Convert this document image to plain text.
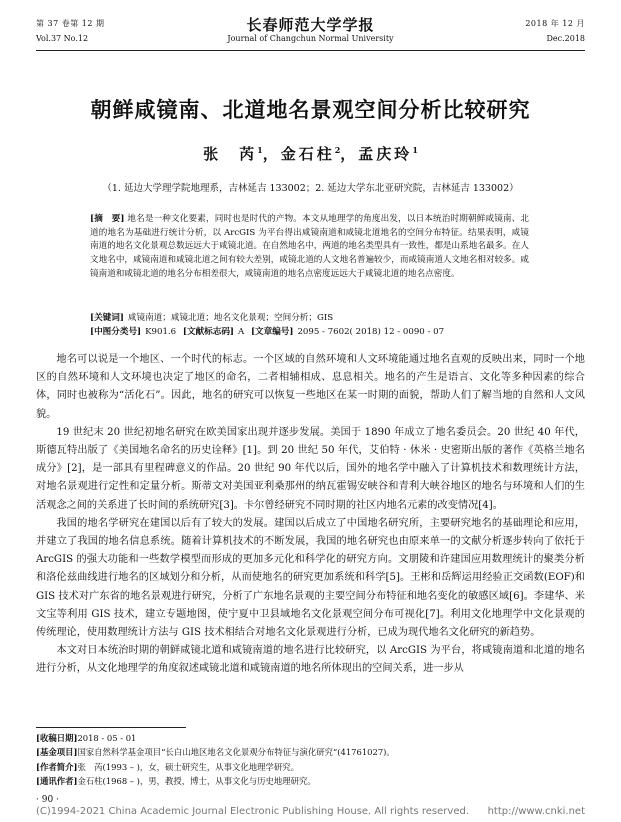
第 37 卷第 12 期
Vol.37 No.12
长春师范大学学报
Journal of Changchun Normal University
2018 年 12 月
Dec.2018
朝鲜咸镜南、北道地名景观空间分析比较研究
张　芮$^1$，金石柱$^2$，孟庆玲$^1$
（1. 延边大学理学院地理系，吉林延吉 133002；2. 延边大学东北亚研究院，吉林延吉 133002）
[摘　要] 地名是一种文化要素，同时也是时代的产物。本文从地理学的角度出发，以日本统治时期朝鲜咸镜南、北道的地名为基础进行统计分析，以 ArcGIS 为平台得出咸镜南道和咸镜北道地名的空间分布特征。结果表明，咸镜南道的地名文化景观总数远远大于咸镜北道。在自然地名中，两道的地名类型具有一致性，都是山系地名最多。在人文地名中，咸镜南道和咸镜北道之间有较大差别，咸镜北道的人文地名普遍较少，而咸镜南道人文地名相对较多。咸镜南道和咸镜北道的地名分布相差很大，咸镜南道的地名点密度远远大于咸镜北道的地名点密度。
[关键词] 咸镜南道；咸镜北道；地名文化景观；空间分析；GIS
[中图分类号] K901.6 [文献标志码] A [文章编号] 2095 - 7602( 2018) 12 - 0090 - 07

地名可以说是一个地区、一个时代的标志。一个区域的自然环境和人文环境能通过地名直观的反映出来，同时一个地区的自然环境和人文环境也决定了地区的命名，二者相辅相成、息息相关。地名的产生是语言、文化等多种因素的综合体，同时也被称为“活化石”。因此，地名的研究可以恢复一些地区在某一时期的面貌，帮助人们了解当地的自然和人文风貌。

19 世纪末 20 世纪初地名研究在欧美国家出现并逐步发展。美国于 1890 年成立了地名委员会。20 世纪 40 年代，斯德瓦特出版了《美国地名命名的历史诠释》[1]。到 20 世纪 50 年代，艾伯特 · 休米 · 史密斯出版的著作《英格兰地名成分》[2]，是一部具有里程碑意义的作品。20 世纪 90 年代以后，国外的地名学中融入了计算机技术和数理统计方法，对地名景观进行定性和定量分析。斯蒂文对美国亚利桑那州的纳瓦霍锡安峡谷和青利大峡谷地区的地名与环境和人们的生活观念之间的关系进了长时间的系统研究[3]。卡尔曾经研究不同时期的社区内地名元素的改变情况[4]。

我国的地名学研究在建国以后有了较大的发展。建国以后成立了中国地名研究所，主要研究地名的基础理论和应用，并建立了我国的地名信息系统。随着计算机技术的不断发展，我国的地名研究也由原来单一的文献分析逐步转向了依托于 ArcGIS 的强大功能和一些数学模型而形成的更加多元化和科学化的研究方向。文朋陵和许建国应用数理统计的聚类分析和洛伦兹曲线进行地名的区域划分和分析，从而使地名的研究更加系统和科学[5]。王彬和岳辉运用经验正交函数(EOF)和 GIS 技术对广东省的地名景观进行研究，分析了广东地名景观的主要空间分布特征和地名变化的敏感区域[6]。李建华、米文宝等利用 GIS 技术，建立专题地图，使宁夏中卫县域地名文化景观空间分布可视化[7]。利用文化地理学中文化景观的传统理论，使用数理统计方法与 GIS 技术相结合对地名文化景观进行分析，已成为现代地名文化研究的新趋势。

本文对日本统治时期的朝鲜咸镜北道和咸镜南道的地名进行比较研究，以 ArcGIS 为平台，将咸镜南道和北道的地名进行分析，从文化地理学的角度叙述咸镜北道和咸镜南道的地名所体现出的空间关系，进一步从

[收稿日期]2018 - 05 - 01
[基金项目]国家自然科学基金项目“长白山地区地名文化景观分布特征与演化研究”(41761027)。
[作者简介]张　芮(1993 – )，女，硕士研究生，从事文化地理学研究。
[通讯作者]金石柱(1968 – )，男，教授，博士，从事文化与历史地理研究。
· 90 ·
(C)1994-2021 China Academic Journal Electronic Publishing House. All rights reserved. http://www.cnki.net
